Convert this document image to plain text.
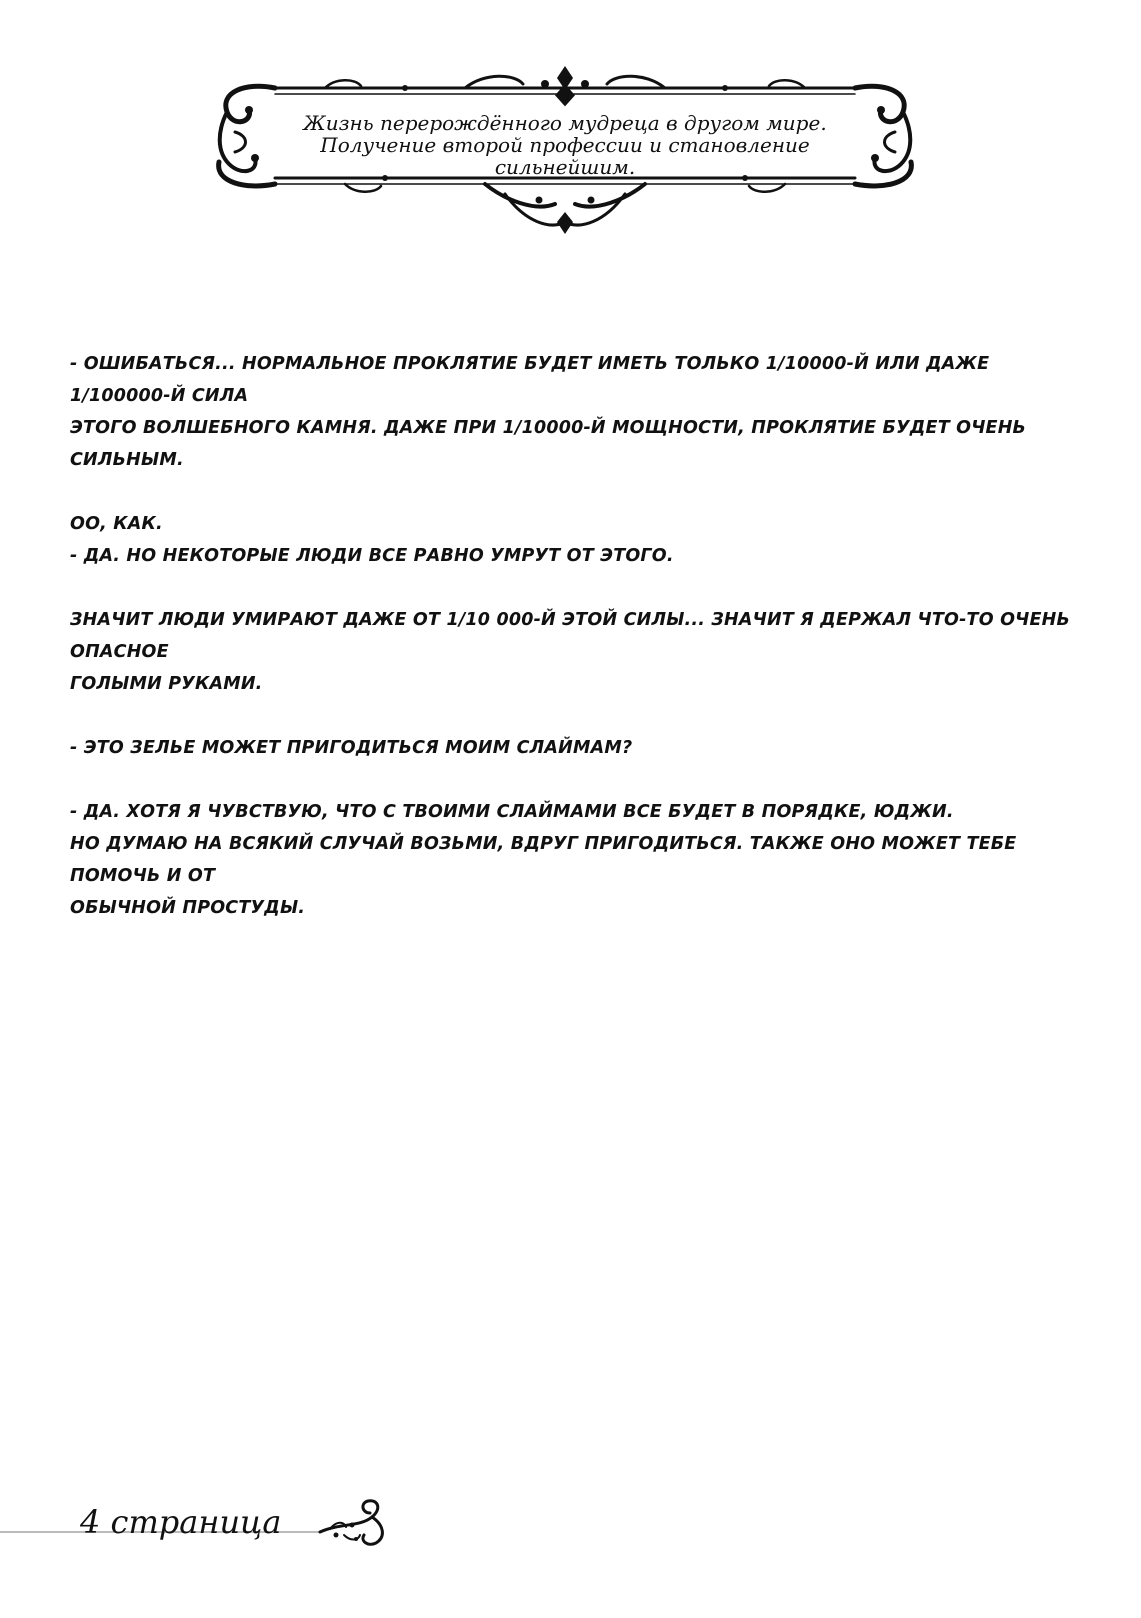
Жизнь перерождённого мудреца в другом мире.
Получение второй профессии и становление
сильнейшим.

- ОШИБАТЬСЯ... НОРМАЛЬНОЕ ПРОКЛЯТИЕ БУДЕТ ИМЕТЬ ТОЛЬКО 1/10000-Й ИЛИ ДАЖЕ 1/100000-Й СИЛА

ЭТОГО ВОЛШЕБНОГО КАМНЯ. ДАЖЕ ПРИ 1/10000-Й МОЩНОСТИ, ПРОКЛЯТИЕ БУДЕТ ОЧЕНЬ СИЛЬНЫМ.

ОО, КАК.

- ДА. НО НЕКОТОРЫЕ ЛЮДИ ВСЕ РАВНО УМРУТ ОТ ЭТОГО.

ЗНАЧИТ ЛЮДИ УМИРАЮТ ДАЖЕ ОТ 1/10 000-Й ЭТОЙ СИЛЫ... ЗНАЧИТ Я ДЕРЖАЛ ЧТО-ТО ОЧЕНЬ ОПАСНОЕ

ГОЛЫМИ РУКАМИ.

- ЭТО ЗЕЛЬЕ МОЖЕТ ПРИГОДИТЬСЯ МОИМ СЛАЙМАМ?

- ДА. ХОТЯ Я ЧУВСТВУЮ, ЧТО С ТВОИМИ СЛАЙМАМИ ВСЕ БУДЕТ В ПОРЯДКЕ, ЮДЖИ.

НО ДУМАЮ НА ВСЯКИЙ СЛУЧАЙ ВОЗЬМИ, ВДРУГ ПРИГОДИТЬСЯ. ТАКЖЕ ОНО МОЖЕТ ТЕБЕ ПОМОЧЬ И ОТ

ОБЫЧНОЙ ПРОСТУДЫ.

4 страница
